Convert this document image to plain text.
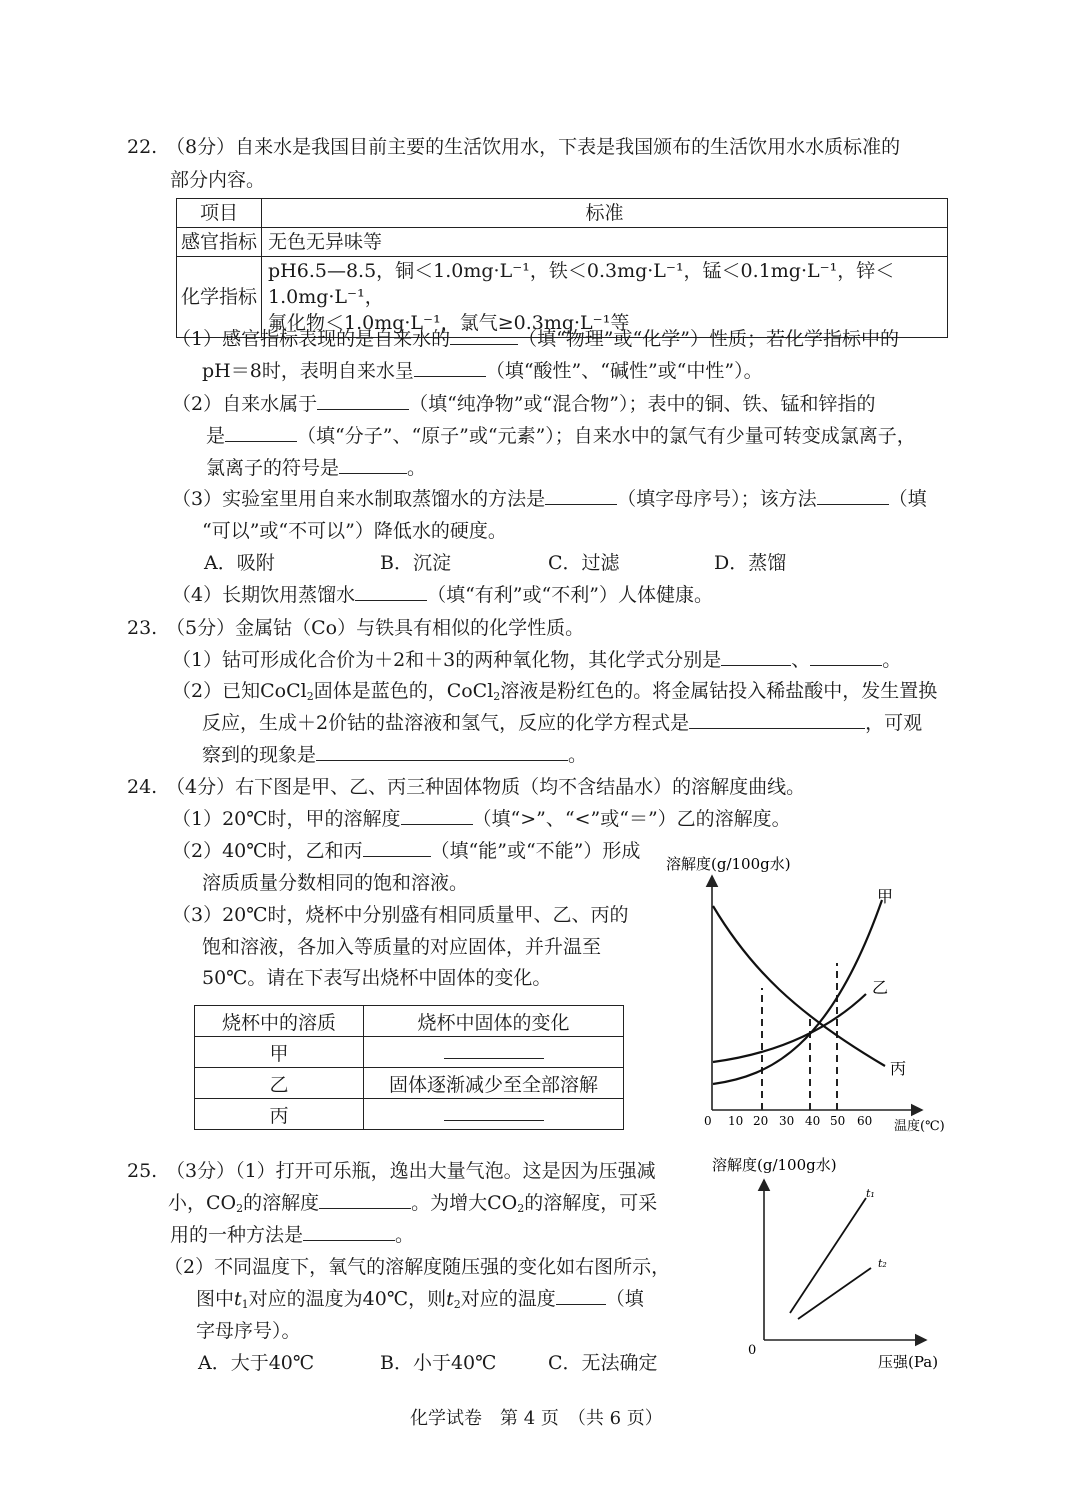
22. （8分）自来水是我国目前主要的生活饮用水，下表是我国颁布的生活饮用水水质标准的
部分内容。
项目	标准
感官指标	无色无异味等
化学指标	pH6.5—8.5，铜＜1.0mg·L⁻¹，铁＜0.3mg·L⁻¹，锰＜0.1mg·L⁻¹，锌＜1.0mg·L⁻¹，
氟化物＜1.0mg·L⁻¹，氯气≥0.3mg·L⁻¹等
（1）感官指标表现的是自来水的	（填“物理”或“化学”）性质；若化学指标中的
pH＝8时，表明自来水呈	（填“酸性”、“碱性”或“中性”）。
（2）自来水属于	（填“纯净物”或“混合物”）；表中的铜、铁、锰和锌指的
是	（填“分子”、“原子”或“元素”）；自来水中的氯气有少量可转变成氯离子，
氯离子的符号是	。
（3）实验室里用自来水制取蒸馏水的方法是	（填字母序号）；该方法	（填
“可以”或“不可以”）降低水的硬度。
A．吸附	B．沉淀	C．过滤	D．蒸馏
（4）长期饮用蒸馏水	（填“有利”或“不利”）人体健康。
23. （5分）金属钴（Co）与铁具有相似的化学性质。
（1）钴可形成化合价为＋2和＋3的两种氧化物，其化学式分别是	、	。
（2）已知CoCl$_2$固体是蓝色的，CoCl$_2$溶液是粉红色的。将金属钴投入稀盐酸中，发生置换
反应，生成＋2价钴的盐溶液和氢气，反应的化学方程式是	，可观
察到的现象是	。
24. （4分）右下图是甲、乙、丙三种固体物质（均不含结晶水）的溶解度曲线。
（1）20℃时，甲的溶解度	（填“>”、“<”或“＝”）乙的溶解度。
（2）40℃时，乙和丙	（填“能”或“不能”）形成
溶质质量分数相同的饱和溶液。
（3）20℃时，烧杯中分别盛有相同质量甲、乙、丙的
饱和溶液，各加入等质量的对应固体，并升温至
50℃。请在下表写出烧杯中固体的变化。
烧杯中的溶质	烧杯中固体的变化
甲	
乙	固体逐渐减少至全部溶解
丙	
溶解度(g/100g水)
0 10 20 30 40 50 60 温度(℃)
甲
乙
丙
25. （3分）（1）打开可乐瓶，逸出大量气泡。这是因为压强减
小，$CO_2$的溶解度	。为增大$CO_2$的溶解度，可采
用的一种方法是	。
（2）不同温度下，氧气的溶解度随压强的变化如右图所示，
图中$t_1$对应的温度为40℃，则$t_2$对应的温度	（填
字母序号）。
A．大于40℃	B．小于40℃	C．无法确定
溶解度(g/100g水)
0
压强(Pa)
t₁
t₂
化学试卷　第 4 页　（共 6 页）
